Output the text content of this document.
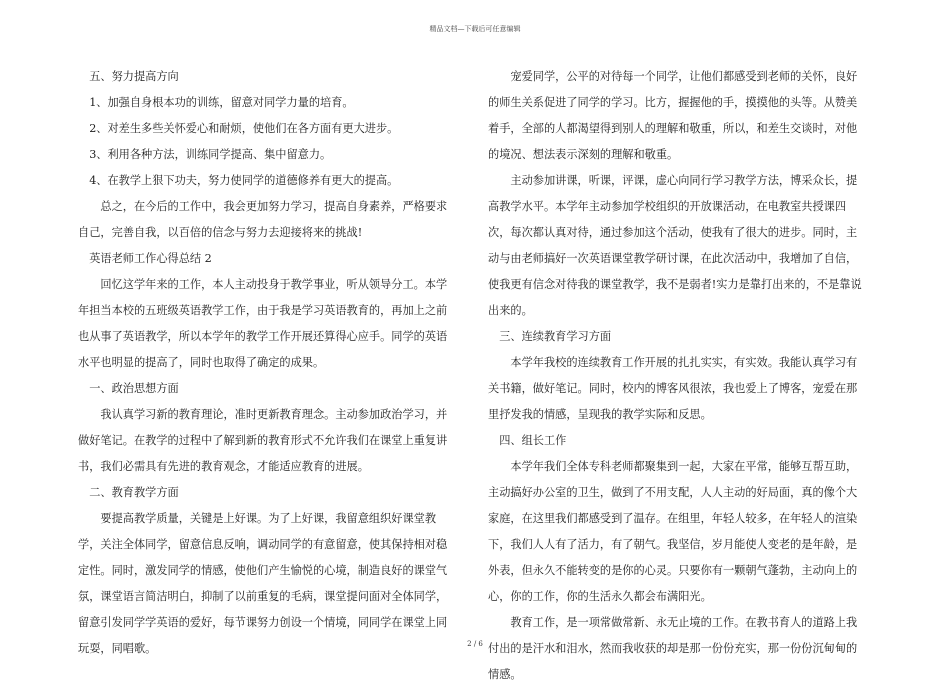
精品文档—下载后可任意编辑

五、努力提高方向

1、加强自身根本功的训练，留意对同学力量的培育。

2、对差生多些关怀爱心和耐烦，使他们在各方面有更大进步。

3、利用各种方法，训练同学提高、集中留意力。

4、在教学上狠下功夫，努力使同学的道德修养有更大的提高。

总之，在今后的工作中，我会更加努力学习，提高自身素养，严格要求自己，完善自我，以百倍的信念与努力去迎接将来的挑战!

英语老师工作心得总结 2

回忆这学年来的工作，本人主动投身于教学事业，听从领导分工。本学年担当本校的五班级英语教学工作，由于我是学习英语教育的，再加上之前也从事了英语教学，所以本学年的教学工作开展还算得心应手。同学的英语水平也明显的提高了，同时也取得了确定的成果。

一、政治思想方面

我认真学习新的教育理论，准时更新教育理念。主动参加政治学习，并做好笔记。在教学的过程中了解到新的教育形式不允许我们在课堂上重复讲书，我们必需具有先进的教育观念，才能适应教育的进展。

二、教育教学方面

要提高教学质量，关键是上好课。为了上好课，我留意组织好课堂教学，关注全体同学，留意信息反响，调动同学的有意留意，使其保持相对稳定性。同时，激发同学的情感，使他们产生愉悦的心境，制造良好的课堂气氛，课堂语言简洁明白，抑制了以前重复的毛病，课堂提问面对全体同学，留意引发同学学英语的爱好，每节课努力创设一个情境，同同学在课堂上同玩耍，同唱歌。

宠爱同学，公平的对待每一个同学，让他们都感受到老师的关怀，良好的师生关系促进了同学的学习。比方，握握他的手，摸摸他的头等。从赞美着手，全部的人都渴望得到别人的理解和敬重，所以，和差生交谈时，对他的境况、想法表示深刻的理解和敬重。

主动参加讲课，听课，评课，虚心向同行学习教学方法，博采众长，提高教学水平。本学年主动参加学校组织的开放课活动，在电教室共授课四次，每次都认真对待，通过参加这个活动，使我有了很大的进步。同时，主动与由老师搞好一次英语课堂教学研讨课，在此次活动中，我增加了自信，使我更有信念对待我的课堂教学，我不是弱者!实力是靠打出来的，不是靠说出来的。

三、连续教育学习方面

本学年我校的连续教育工作开展的扎扎实实，有实效。我能认真学习有关书籍，做好笔记。同时，校内的博客风很浓，我也爱上了博客，宠爱在那里抒发我的情感，呈现我的教学实际和反思。

四、组长工作

本学年我们全体专科老师都聚集到一起，大家在平常，能够互帮互助，主动搞好办公室的卫生，做到了不用支配，人人主动的好局面，真的像个大家庭，在这里我们都感受到了温存。在组里，年轻人较多，在年轻人的渲染下，我们人人有了活力，有了朝气。我坚信，岁月能使人变老的是年龄，是外表，但永久不能转变的是你的心灵。只要你有一颗朝气蓬勃，主动向上的心，你的工作，你的生活永久都会布满阳光。

教育工作，是一项常做常新、永无止境的工作。在教书育人的道路上我付出的是汗水和泪水，然而我收获的却是那一份份充实，那一份份沉甸甸的情感。

2 / 6
